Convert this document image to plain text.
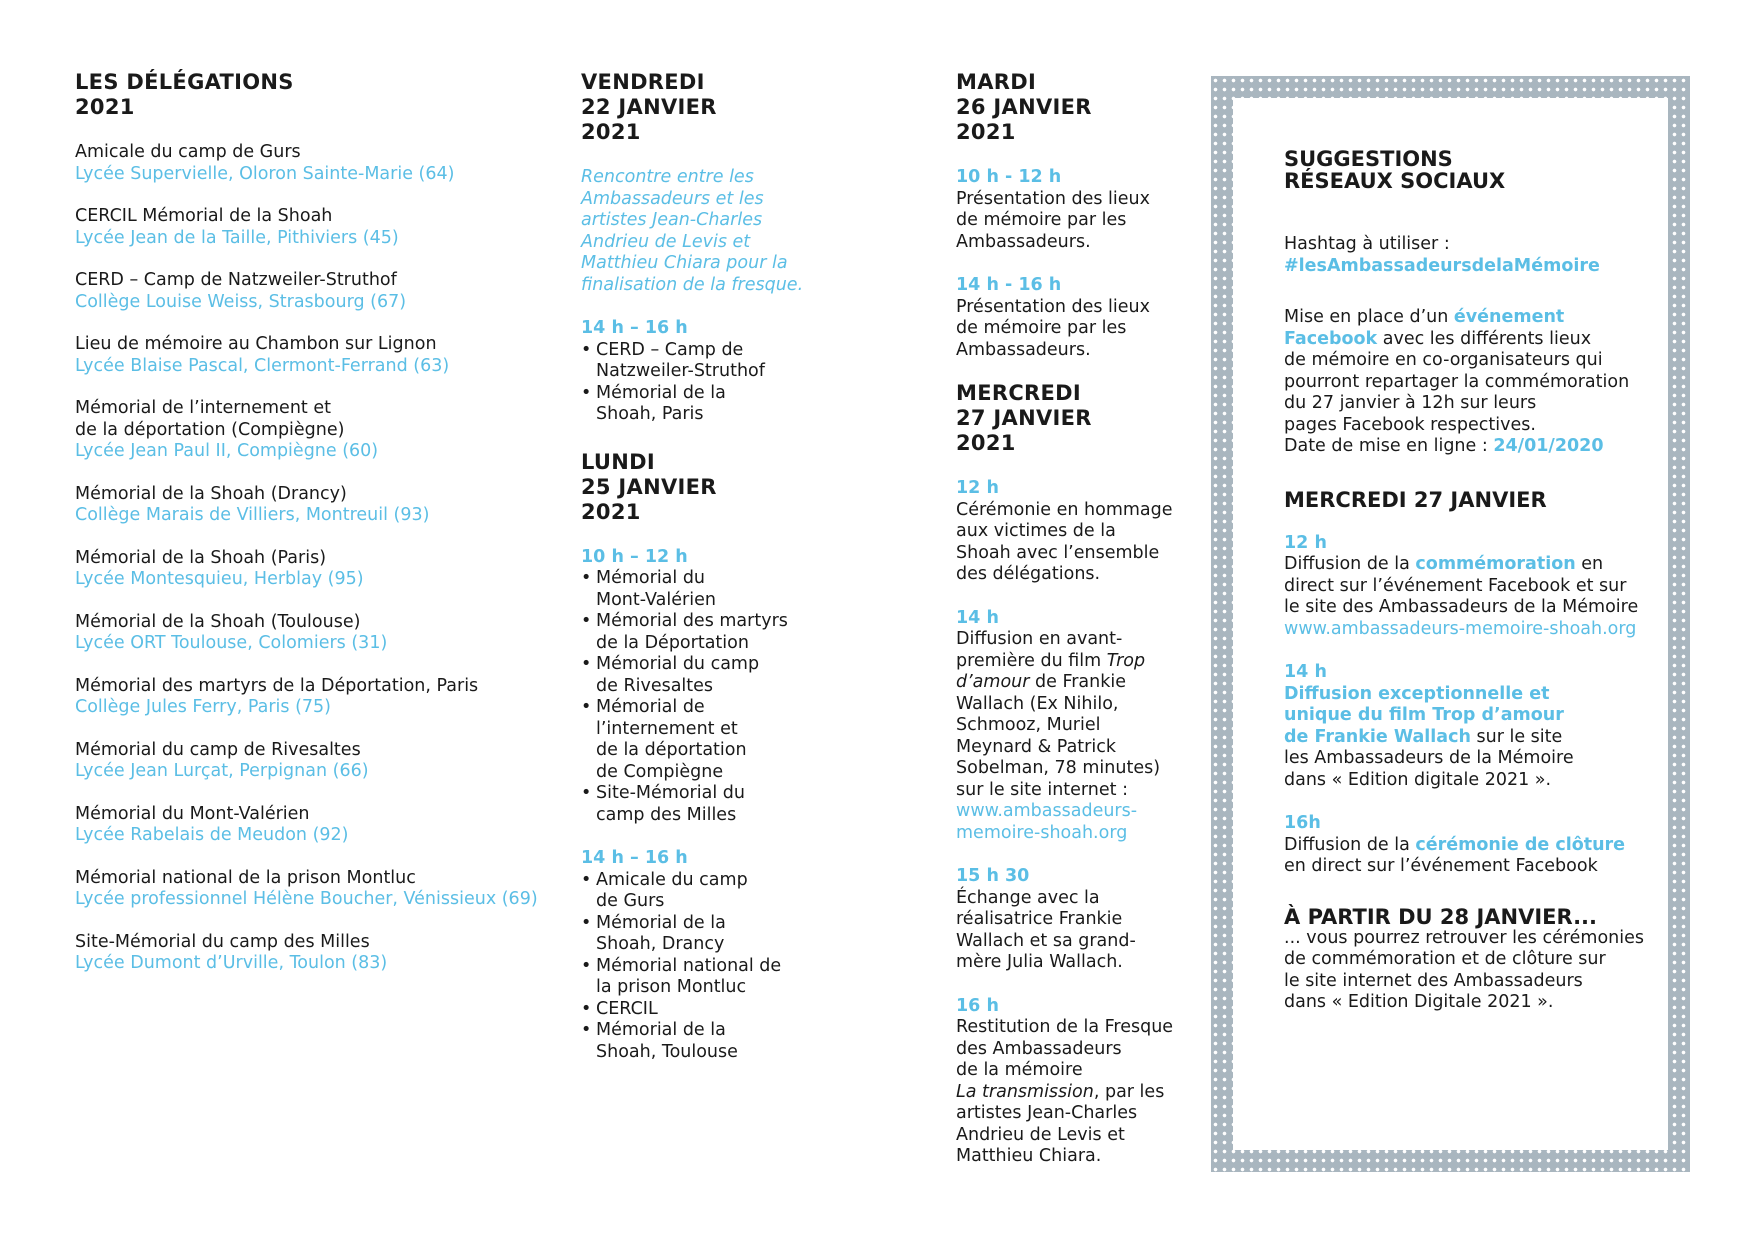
LES DÉLÉGATIONS
2021
Amicale du camp de Gurs
Lycée Supervielle, Oloron Sainte-Marie (64)
CERCIL Mémorial de la Shoah
Lycée Jean de la Taille, Pithiviers (45)
CERD – Camp de Natzweiler-Struthof
Collège Louise Weiss, Strasbourg (67)
Lieu de mémoire au Chambon sur Lignon
Lycée Blaise Pascal, Clermont-Ferrand (63)
Mémorial de l’internement et
de la déportation (Compiègne)
Lycée Jean Paul II, Compiègne (60)
Mémorial de la Shoah (Drancy)
Collège Marais de Villiers, Montreuil (93)
Mémorial de la Shoah (Paris)
Lycée Montesquieu, Herblay (95)
Mémorial de la Shoah (Toulouse)
Lycée ORT Toulouse, Colomiers (31)
Mémorial des martyrs de la Déportation, Paris
Collège Jules Ferry, Paris (75)
Mémorial du camp de Rivesaltes
Lycée Jean Lurçat, Perpignan (66)
Mémorial du Mont-Valérien
Lycée Rabelais de Meudon (92)
Mémorial national de la prison Montluc
Lycée professionnel Hélène Boucher, Vénissieux (69)
Site-Mémorial du camp des Milles
Lycée Dumont d’Urville, Toulon (83)
VENDREDI
22 JANVIER
2021
Rencontre entre les
Ambassadeurs et les
artistes Jean-Charles
Andrieu de Levis et
Matthieu Chiara pour la
finalisation de la fresque.
14 h – 16 h
• CERD – Camp de
Natzweiler-Struthof
• Mémorial de la
Shoah, Paris
LUNDI
25 JANVIER
2021
10 h – 12 h
• Mémorial du
Mont-Valérien
• Mémorial des martyrs
de la Déportation
• Mémorial du camp
de Rivesaltes
• Mémorial de
l’internement et
de la déportation
de Compiègne
• Site-Mémorial du
camp des Milles
14 h – 16 h
• Amicale du camp
de Gurs
• Mémorial de la
Shoah, Drancy
• Mémorial national de
la prison Montluc
• CERCIL
• Mémorial de la
Shoah, Toulouse
MARDI
26 JANVIER
2021
10 h - 12 h
Présentation des lieux
de mémoire par les
Ambassadeurs.
14 h - 16 h
Présentation des lieux
de mémoire par les
Ambassadeurs.
MERCREDI
27 JANVIER
2021
12 h
Cérémonie en hommage
aux victimes de la
Shoah avec l’ensemble
des délégations.
14 h
Diffusion en avant-
première du film Trop
d’amour de Frankie
Wallach (Ex Nihilo,
Schmooz, Muriel
Meynard & Patrick
Sobelman, 78 minutes)
sur le site internet :
www.ambassadeurs-
memoire-shoah.org
15 h 30
Échange avec la
réalisatrice Frankie
Wallach et sa grand-
mère Julia Wallach.
16 h
Restitution de la Fresque
des Ambassadeurs
de la mémoire
La transmission, par les
artistes Jean-Charles
Andrieu de Levis et
Matthieu Chiara.
SUGGESTIONS
RÉSEAUX SOCIAUX
Hashtag à utiliser :
#lesAmbassadeursdelaMémoire
Mise en place d’un événement
Facebook avec les différents lieux
de mémoire en co-organisateurs qui
pourront repartager la commémoration
du 27 janvier à 12h sur leurs
pages Facebook respectives.
Date de mise en ligne : 24/01/2020
MERCREDI 27 JANVIER
12 h
Diffusion de la commémoration en
direct sur l’événement Facebook et sur
le site des Ambassadeurs de la Mémoire
www.ambassadeurs-memoire-shoah.org
14 h
Diffusion exceptionnelle et
unique du film Trop d’amour
de Frankie Wallach sur le site
les Ambassadeurs de la Mémoire
dans « Edition digitale 2021 ».
16h
Diffusion de la cérémonie de clôture
en direct sur l’événement Facebook
À PARTIR DU 28 JANVIER...
... vous pourrez retrouver les cérémonies
de commémoration et de clôture sur
le site internet des Ambassadeurs
dans « Edition Digitale 2021 ».
